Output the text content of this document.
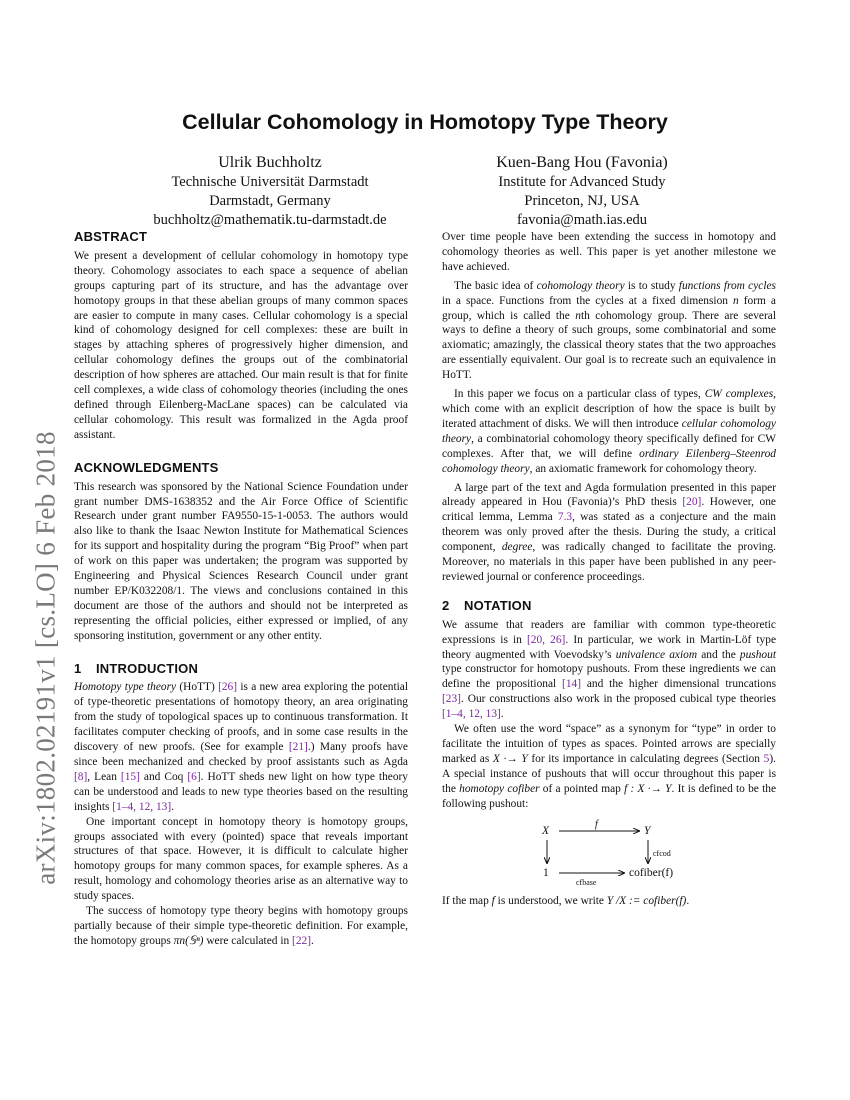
arXiv:1802.02191v1 [cs.LO] 6 Feb 2018
Cellular Cohomology in Homotopy Type Theory
Ulrik Buchholtz
Technische Universität Darmstadt
Darmstadt, Germany
buchholtz@mathematik.tu-darmstadt.de
Kuen-Bang Hou (Favonia)
Institute for Advanced Study
Princeton, NJ, USA
favonia@math.ias.edu
ABSTRACT

We present a development of cellular cohomology in homotopy type theory. Cohomology associates to each space a sequence of abelian groups capturing part of its structure, and has the advantage over homotopy groups in that these abelian groups of many common spaces are easier to compute in many cases. Cellular cohomology is a special kind of cohomology designed for cell complexes: these are built in stages by attaching spheres of progressively higher dimension, and cellular cohomology defines the groups out of the combinatorial description of how spheres are attached. Our main result is that for finite cell complexes, a wide class of cohomology theories (including the ones defined through Eilenberg-MacLane spaces) can be calculated via cellular cohomology. This result was formalized in the Agda proof assistant.

ACKNOWLEDGMENTS

This research was sponsored by the National Science Foundation under grant number DMS-1638352 and the Air Force Office of Scientific Research under grant number FA9550-15-1-0053. The authors would also like to thank the Isaac Newton Institute for Mathematical Sciences for its support and hospitality during the program “Big Proof” when part of work on this paper was undertaken; the program was supported by Engineering and Physical Sciences Research Council under grant number EP/K032208/1. The views and conclusions contained in this document are those of the authors and should not be interpreted as representing the official policies, either expressed or implied, of any sponsoring institution, government or any other entity.

1 INTRODUCTION

Homotopy type theory (HoTT) [26] is a new area exploring the potential of type-theoretic presentations of homotopy theory, an area originating from the study of topological spaces up to continuous transformation. It facilitates computer checking of proofs, and in some case results in the discovery of new proofs. (See for example [21].) Many proofs have since been mechanized and checked by proof assistants such as Agda [8], Lean [15] and Coq [6]. HoTT sheds new light on how type theory can be understood and leads to new type theories based on the resulting insights [1–4, 12, 13].

One important concept in homotopy theory is homotopy groups, groups associated with every (pointed) space that reveals important structures of that space. However, it is difficult to calculate higher homotopy groups for many common spaces, for example spheres. As a result, homology and cohomology theories arise as an alternative way to study spaces.

The success of homotopy type theory begins with homotopy groups partially because of their simple type-theoretic definition. For example, the homotopy groups πn(𝕊ⁿ) were calculated in [22].

Over time people have been extending the success in homotopy and cohomology theories as well. This paper is yet another milestone we have achieved.

The basic idea of cohomology theory is to study functions from cycles in a space. Functions from the cycles at a fixed dimension n form a group, which is called the nth cohomology group. There are several ways to define a theory of such groups, some combinatorial and some axiomatic; amazingly, the classical theory states that the two approaches are essentially equivalent. Our goal is to recreate such an equivalence in HoTT.

In this paper we focus on a particular class of types, CW complexes, which come with an explicit description of how the space is built by iterated attachment of disks. We will then introduce cellular cohomology theory, a combinatorial cohomology theory specifically defined for CW complexes. After that, we will define ordinary Eilenberg–Steenrod cohomology theory, an axiomatic framework for cohomology theory.

A large part of the text and Agda formulation presented in this paper already appeared in Hou (Favonia)’s PhD thesis [20]. However, one critical lemma, Lemma 7.3, was stated as a conjecture and the main theorem was only proved after the thesis. During the study, a critical component, degree, was radically changed to facilitate the proving. Moreover, no materials in this paper have been published in any peer-reviewed journal or conference proceedings.

2 NOTATION

We assume that readers are familiar with common type-theoretic expressions is in [20, 26]. In particular, we work in Martin-Löf type theory augmented with Voevodsky’s univalence axiom and the pushout type constructor for homotopy pushouts. From these ingredients we can define the propositional [14] and the higher dimensional truncations [23]. Our constructions also work in the proposed cubical type theories [1–4, 12, 13].

We often use the word “space” as a synonym for “type” in order to facilitate the intuition of types as spaces. Pointed arrows are specially marked as X ·→ Y for its importance in calculating degrees (Section 5). A special instance of pushouts that will occur throughout this paper is the homotopy cofiber of a pointed map f : X ·→ Y. It is defined to be the following pushout:

X	Y
1	cofiber(f)
f
cfcod
cfbase

If the map f is understood, we write Y /X := cofiber(f).
